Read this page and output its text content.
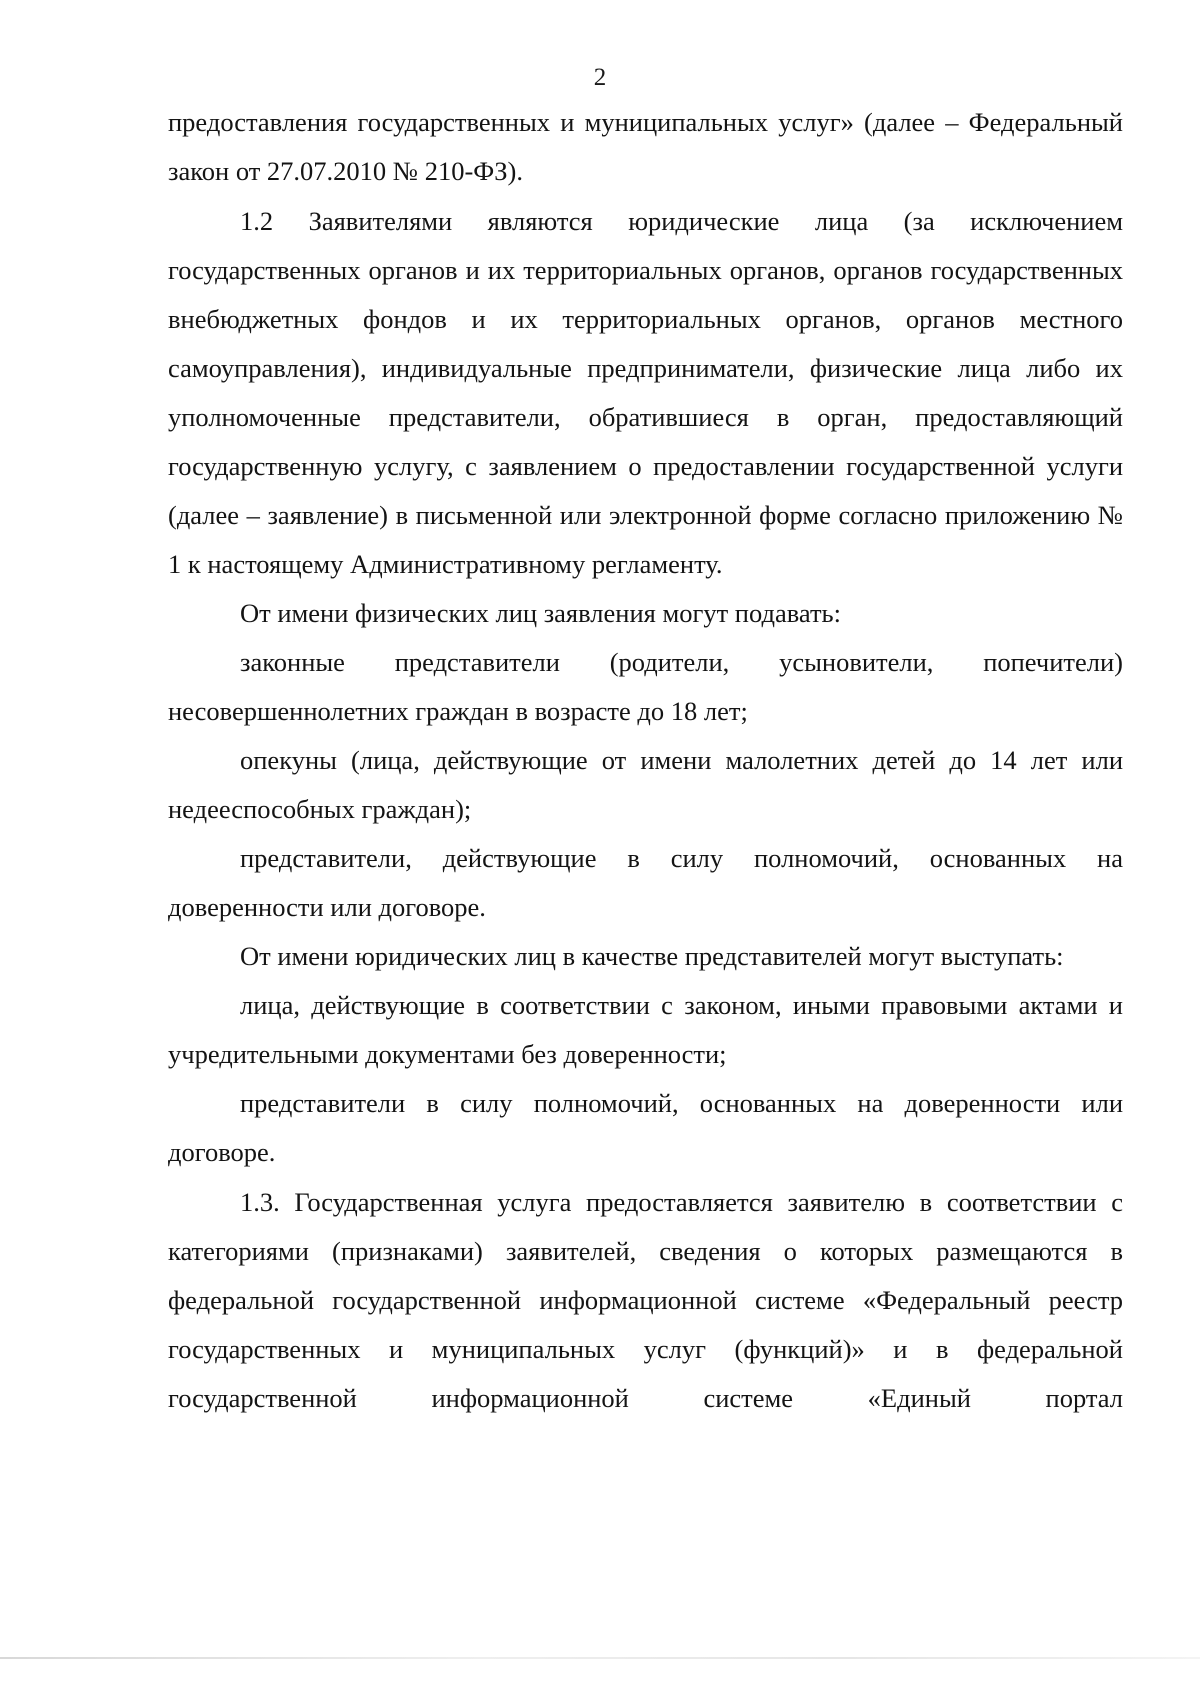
2

предоставления государственных и муниципальных услуг» (далее – Федеральный закон от 27.07.2010 № 210-ФЗ).

1.2 Заявителями являются юридические лица (за исключением государственных органов и их территориальных органов, органов государственных внебюджетных фондов и их территориальных органов, органов местного самоуправления), индивидуальные предприниматели, физические лица либо их уполномоченные представители, обратившиеся в орган, предоставляющий государственную услугу, с заявлением о предоставлении государственной услуги (далее – заявление) в письменной или электронной форме согласно приложению № 1 к настоящему Административному регламенту.

От имени физических лиц заявления могут подавать:

законные представители (родители, усыновители, попечители) несовершеннолетних граждан в возрасте до 18 лет;

опекуны (лица, действующие от имени малолетних детей до 14 лет или недееспособных граждан);

представители, действующие в силу полномочий, основанных на доверенности или договоре.

От имени юридических лиц в качестве представителей могут выступать:

лица, действующие в соответствии с законом, иными правовыми актами и учредительными документами без доверенности;

представители в силу полномочий, основанных на доверенности или договоре.

1.3. Государственная услуга предоставляется заявителю в соответствии с категориями (признаками) заявителей, сведения о которых размещаются в федеральной государственной информационной системе «Федеральный реестр государственных и муниципальных услуг (функций)» и в федеральной государственной информационной системе «Единый портал
